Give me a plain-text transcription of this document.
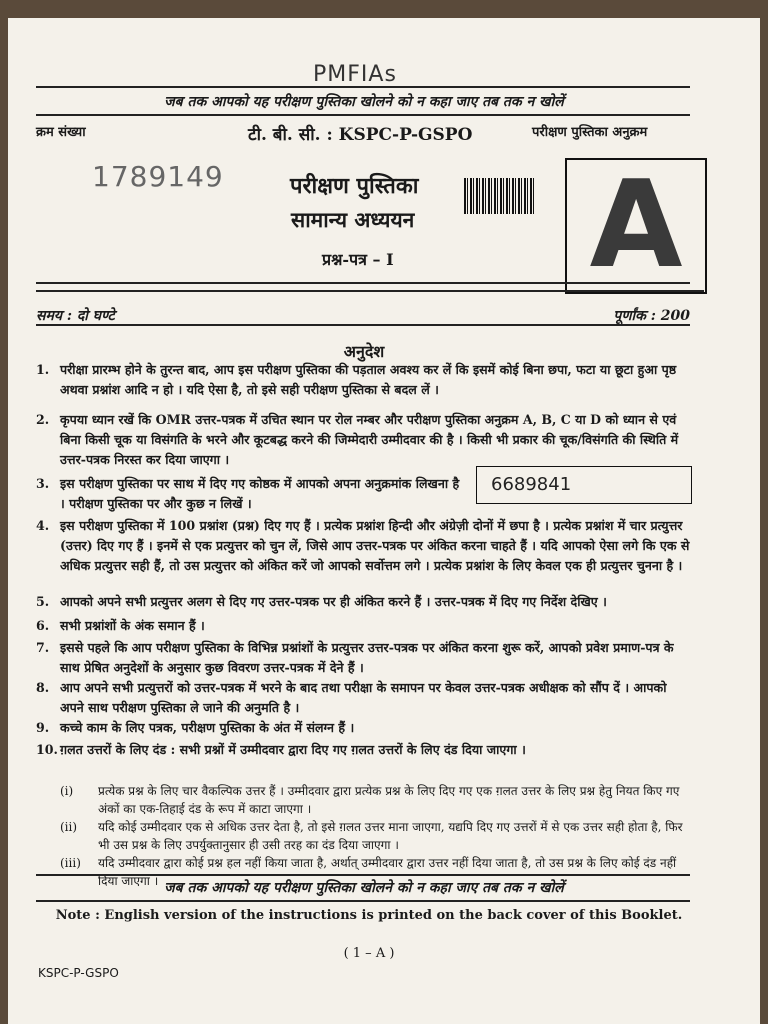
PMFIAs
जब तक आपको यह परीक्षण पुस्तिका खोलने को न कहा जाए तब तक न खोलें
क्रम संख्या	टी. बी. सी. : KSPC-P-GSPO	परीक्षण पुस्तिका अनुक्रम
1789149	परीक्षण पुस्तिका
सामान्य अध्ययन
प्रश्न-पत्र – I A
समय : दो घण्टे	पूर्णांक : 200
अनुदेश
1. परीक्षा प्रारम्भ होने के तुरन्त बाद, आप इस परीक्षण पुस्तिका की पड़ताल अवश्य कर लें कि इसमें कोई बिना छपा, फटा या छूटा हुआ पृष्ठ अथवा प्रश्नांश आदि न हो । यदि ऐसा है, तो इसे सही परीक्षण पुस्तिका से बदल लें ।
2. कृपया ध्यान रखें कि OMR उत्तर-पत्रक में उचित स्थान पर रोल नम्बर और परीक्षण पुस्तिका अनुक्रम A, B, C या D को ध्यान से एवं बिना किसी चूक या विसंगति के भरने और कूटबद्ध करने की जिम्मेदारी उम्मीदवार की है । किसी भी प्रकार की चूक/विसंगति की स्थिति में उत्तर-पत्रक निरस्त कर दिया जाएगा ।
3. इस परीक्षण पुस्तिका पर साथ में दिए गए कोष्ठक में आपको अपना अनुक्रमांक लिखना है । परीक्षण पुस्तिका पर और कुछ न लिखें ।
6689841
4. इस परीक्षण पुस्तिका में 100 प्रश्नांश (प्रश्न) दिए गए हैं । प्रत्येक प्रश्नांश हिन्दी और अंग्रेज़ी दोनों में छपा है । प्रत्येक प्रश्नांश में चार प्रत्युत्तर (उत्तर) दिए गए हैं । इनमें से एक प्रत्युत्तर को चुन लें, जिसे आप उत्तर-पत्रक पर अंकित करना चाहते हैं । यदि आपको ऐसा लगे कि एक से अधिक प्रत्युत्तर सही हैं, तो उस प्रत्युत्तर को अंकित करें जो आपको सर्वोत्तम लगे । प्रत्येक प्रश्नांश के लिए केवल एक ही प्रत्युत्तर चुनना है ।
5. आपको अपने सभी प्रत्युत्तर अलग से दिए गए उत्तर-पत्रक पर ही अंकित करने हैं । उत्तर-पत्रक में दिए गए निर्देश देखिए ।
6. सभी प्रश्नांशों के अंक समान हैं ।
7. इससे पहले कि आप परीक्षण पुस्तिका के विभिन्न प्रश्नांशों के प्रत्युत्तर उत्तर-पत्रक पर अंकित करना शुरू करें, आपको प्रवेश प्रमाण-पत्र के साथ प्रेषित अनुदेशों के अनुसार कुछ विवरण उत्तर-पत्रक में देने हैं ।
8. आप अपने सभी प्रत्युत्तरों को उत्तर-पत्रक में भरने के बाद तथा परीक्षा के समापन पर केवल उत्तर-पत्रक अधीक्षक को सौंप दें । आपको अपने साथ परीक्षण पुस्तिका ले जाने की अनुमति है ।
9. कच्चे काम के लिए पत्रक, परीक्षण पुस्तिका के अंत में संलग्न हैं ।
10. ग़लत उत्तरों के लिए दंड : सभी प्रश्नों में उम्मीदवार द्वारा दिए गए ग़लत उत्तरों के लिए दंड दिया जाएगा ।
(i) प्रत्येक प्रश्न के लिए चार वैकल्पिक उत्तर हैं । उम्मीदवार द्वारा प्रत्येक प्रश्न के लिए दिए गए एक ग़लत उत्तर के लिए प्रश्न हेतु नियत किए गए अंकों का एक-तिहाई दंड के रूप में काटा जाएगा ।
(ii) यदि कोई उम्मीदवार एक से अधिक उत्तर देता है, तो इसे ग़लत उत्तर माना जाएगा, यद्यपि दिए गए उत्तरों में से एक उत्तर सही होता है, फिर भी उस प्रश्न के लिए उपर्युक्तानुसार ही उसी तरह का दंड दिया जाएगा ।
(iii) यदि उम्मीदवार द्वारा कोई प्रश्न हल नहीं किया जाता है, अर्थात् उम्मीदवार द्वारा उत्तर नहीं दिया जाता है, तो उस प्रश्न के लिए कोई दंड नहीं दिया जाएगा । जब तक आपको यह परीक्षण पुस्तिका खोलने को न कहा जाए तब तक न खोलें
Note : English version of the instructions is printed on the back cover of this Booklet.
( 1 – A )
KSPC-P-GSPO
